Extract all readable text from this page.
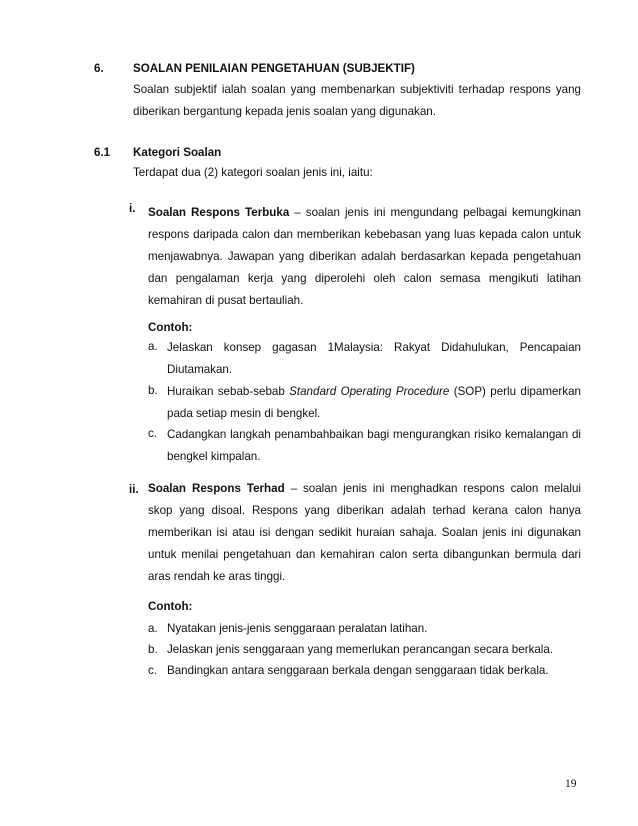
6.	SOALAN PENILAIAN PENGETAHUAN (SUBJEKTIF)
Soalan subjektif ialah soalan yang membenarkan subjektiviti terhadap respons yang diberikan bergantung kepada jenis soalan yang digunakan.
6.1 Kategori Soalan
Terdapat dua (2) kategori soalan jenis ini, iaitu:
i. Soalan Respons Terbuka – soalan jenis ini mengundang pelbagai kemungkinan respons daripada calon dan memberikan kebebasan yang luas kepada calon untuk menjawabnya. Jawapan yang diberikan adalah berdasarkan kepada pengetahuan dan pengalaman kerja yang diperolehi oleh calon semasa mengikuti latihan kemahiran di pusat bertauliah.
Contoh:
a. Jelaskan konsep gagasan 1Malaysia: Rakyat Didahulukan, Pencapaian Diutamakan.
b. Huraikan sebab-sebab Standard Operating Procedure (SOP) perlu dipamerkan pada setiap mesin di bengkel.
c. Cadangkan langkah penambahbaikan bagi mengurangkan risiko kemalangan di bengkel kimpalan.
ii. Soalan Respons Terhad – soalan jenis ini menghadkan respons calon melalui skop yang disoal. Respons yang diberikan adalah terhad kerana calon hanya memberikan isi atau isi dengan sedikit huraian sahaja. Soalan jenis ini digunakan untuk menilai pengetahuan dan kemahiran calon serta dibangunkan bermula dari aras rendah ke aras tinggi.
Contoh:
a. Nyatakan jenis-jenis senggaraan peralatan latihan.
b. Jelaskan jenis senggaraan yang memerlukan perancangan secara berkala.
c. Bandingkan antara senggaraan berkala dengan senggaraan tidak berkala.
19
